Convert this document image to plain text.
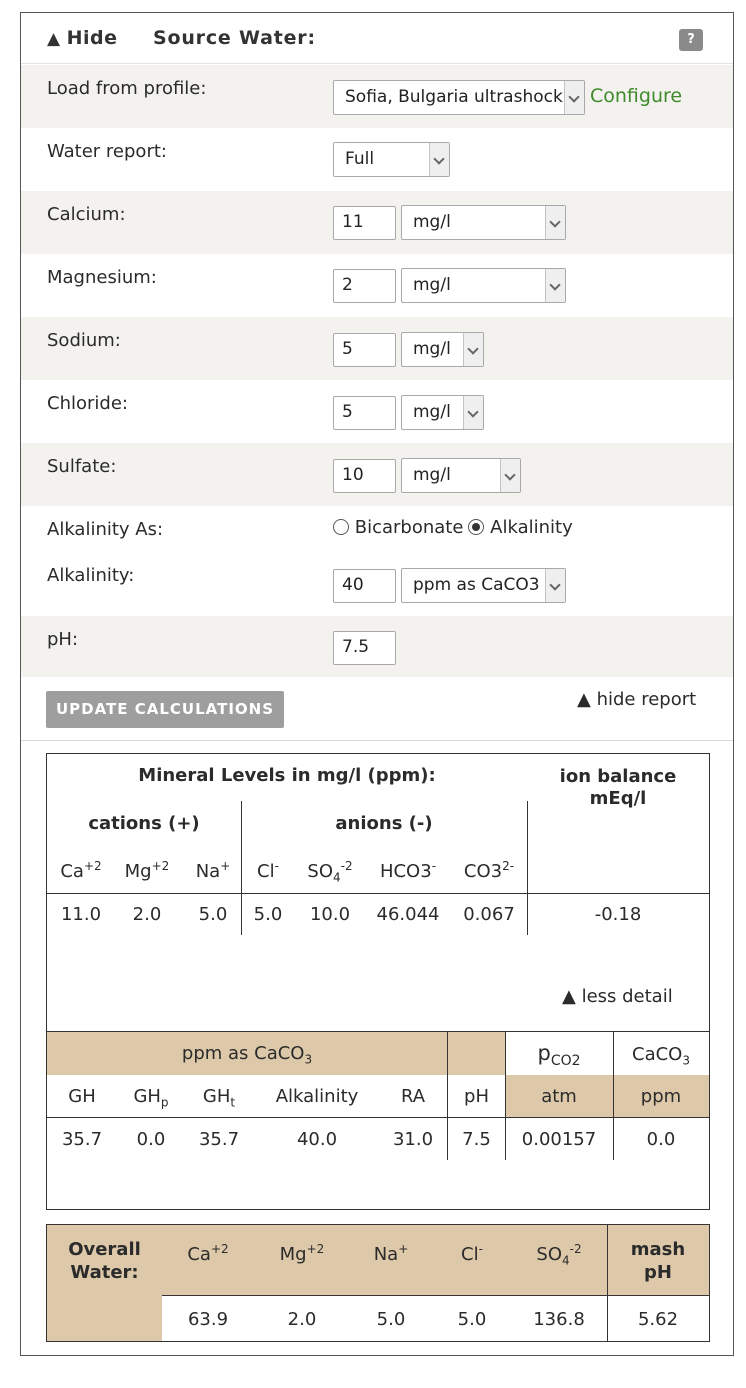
▲ Hide Source Water:	?
Load from profile:	Sofia, Bulgaria ultrashock Configure
Water report:	Full
Calcium:	11	mg/l
Magnesium:	2	mg/l
Sodium:	5	mg/l
Chloride:	5	mg/l
Sulfate:	10	mg/l
Alkalinity As:	Bicarbonate Alkalinity
Alkalinity:	40	ppm as CaCO3
pH:	7.5
UPDATE CALCULATIONS	▲ hide report
Mineral Levels in mg/l (ppm):	ion balance
mEq/l
cations (+)	anions (-)
$Ca^{+2}$	$Mg^{+2}$	Na+	Cl-	$SO_4^{-2}$	HCO3-	$CO3^{2-}$
11.0	2.0	5.0	5.0	10.0	46.044	0.067	-0.18
▲ less detail
ppm as CaCO$_3$	$p_{CO2}$	CaCO$_3$
GH	$GH_p$	$GH_t$	Alkalinity	RA	pH	atm	ppm
35.7	0.0	35.7	40.0	31.0	7.5	0.00157	0.0
Overall
Water:
$Ca^{+2}$	$Mg^{+2}$	Na+	Cl-	$SO_4^{-2}$	mash
pH
63.9	2.0	5.0	5.0	136.8	5.62
